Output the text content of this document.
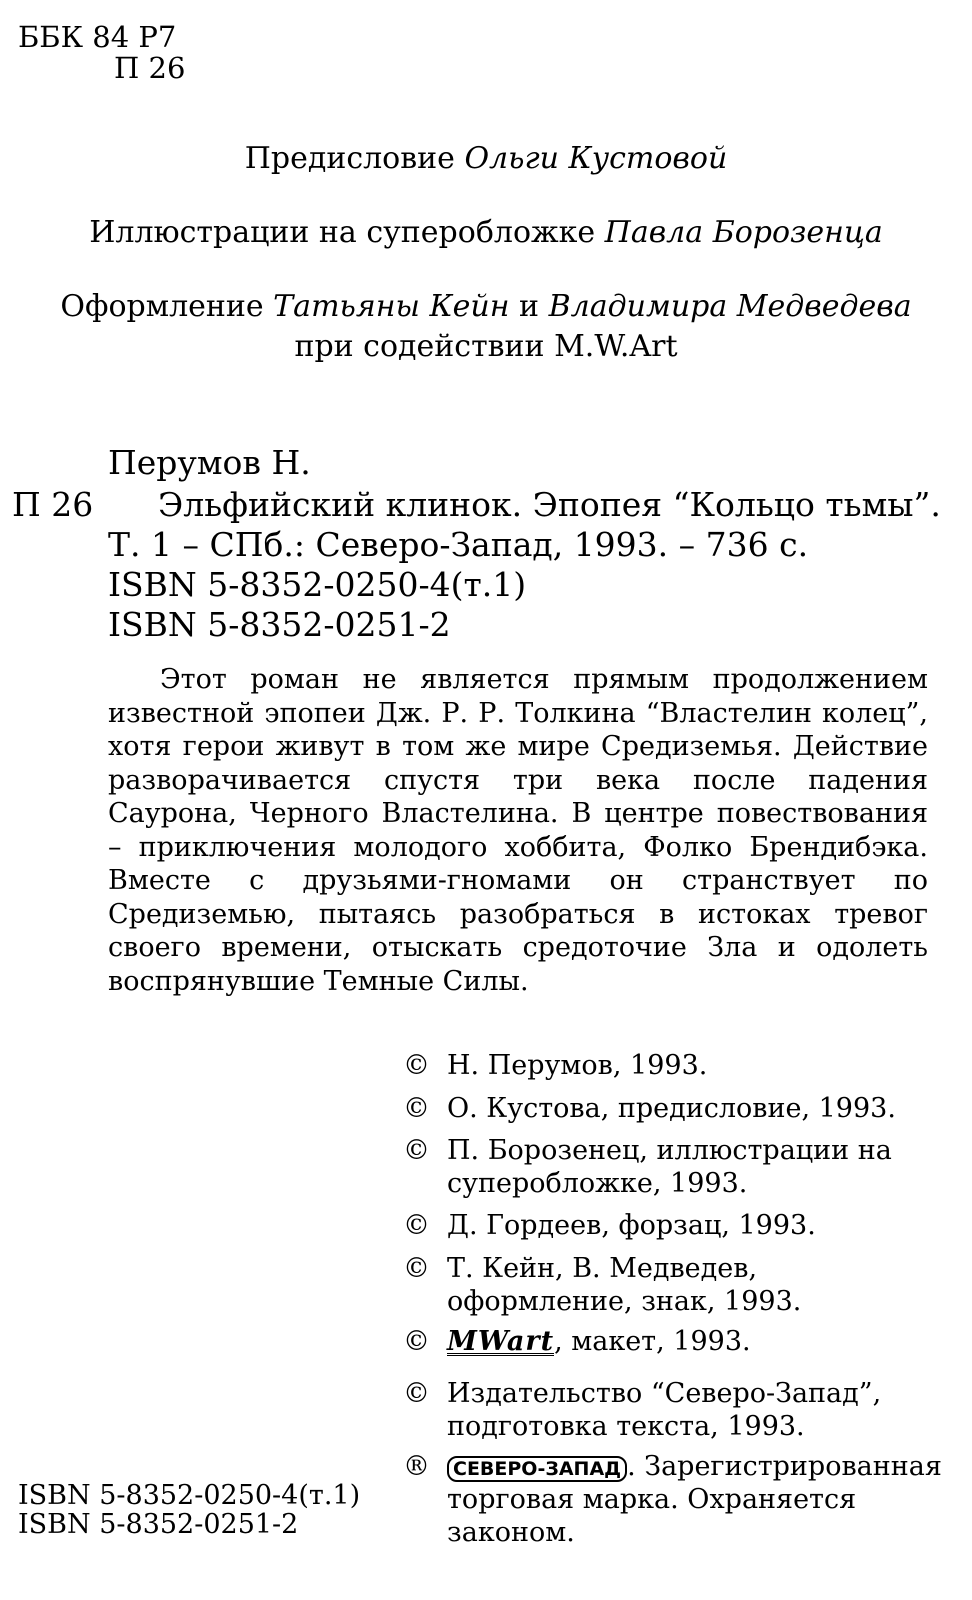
ББК 84 Р7
П 26
Предисловие Ольги Кустовой
Иллюстрации на суперобложке Павла Борозенца
Оформление Татьяны Кейн и Владимира Медведева
при содействии M.W.Art
Перумов Н.
П 26 Эльфийский клинок. Эпопея “Кольцо тьмы”.
Т. 1 – СПб.: Северо-Запад, 1993. – 736 с.
ISBN 5-8352-0250-4(т.1)
ISBN 5-8352-0251-2
Этот роман не является прямым продолжением известной эпопеи Дж. Р. Р. Толкина “Властелин колец”, хотя герои живут в том же мире Средиземья. Действие разворачивается спустя три века после падения Саурона, Черного Властелина. В центре повествования – приключения молодого хоббита, Фолко Брендибэка. Вместе с друзьями-гномами он странствует по Средиземью, пытаясь разобраться в истоках тревог своего времени, отыскать средоточие Зла и одолеть воспрянувшие Темные Силы.
© Н. Перумов, 1993.
© О. Кустова, предисловие, 1993.
© П. Борозенец, иллюстрации на
суперобложке, 1993.
© Д. Гордеев, форзац, 1993.
© Т. Кейн, В. Медведев,
оформление, знак, 1993.
© MWart, макет, 1993.
© Издательство “Северо-Запад”,
подготовка текста, 1993.
® СЕВЕРО-ЗАПАД . Зарегистрированная
торговая марка. Охраняется
законом.
ISBN 5-8352-0250-4(т.1)
ISBN 5-8352-0251-2
